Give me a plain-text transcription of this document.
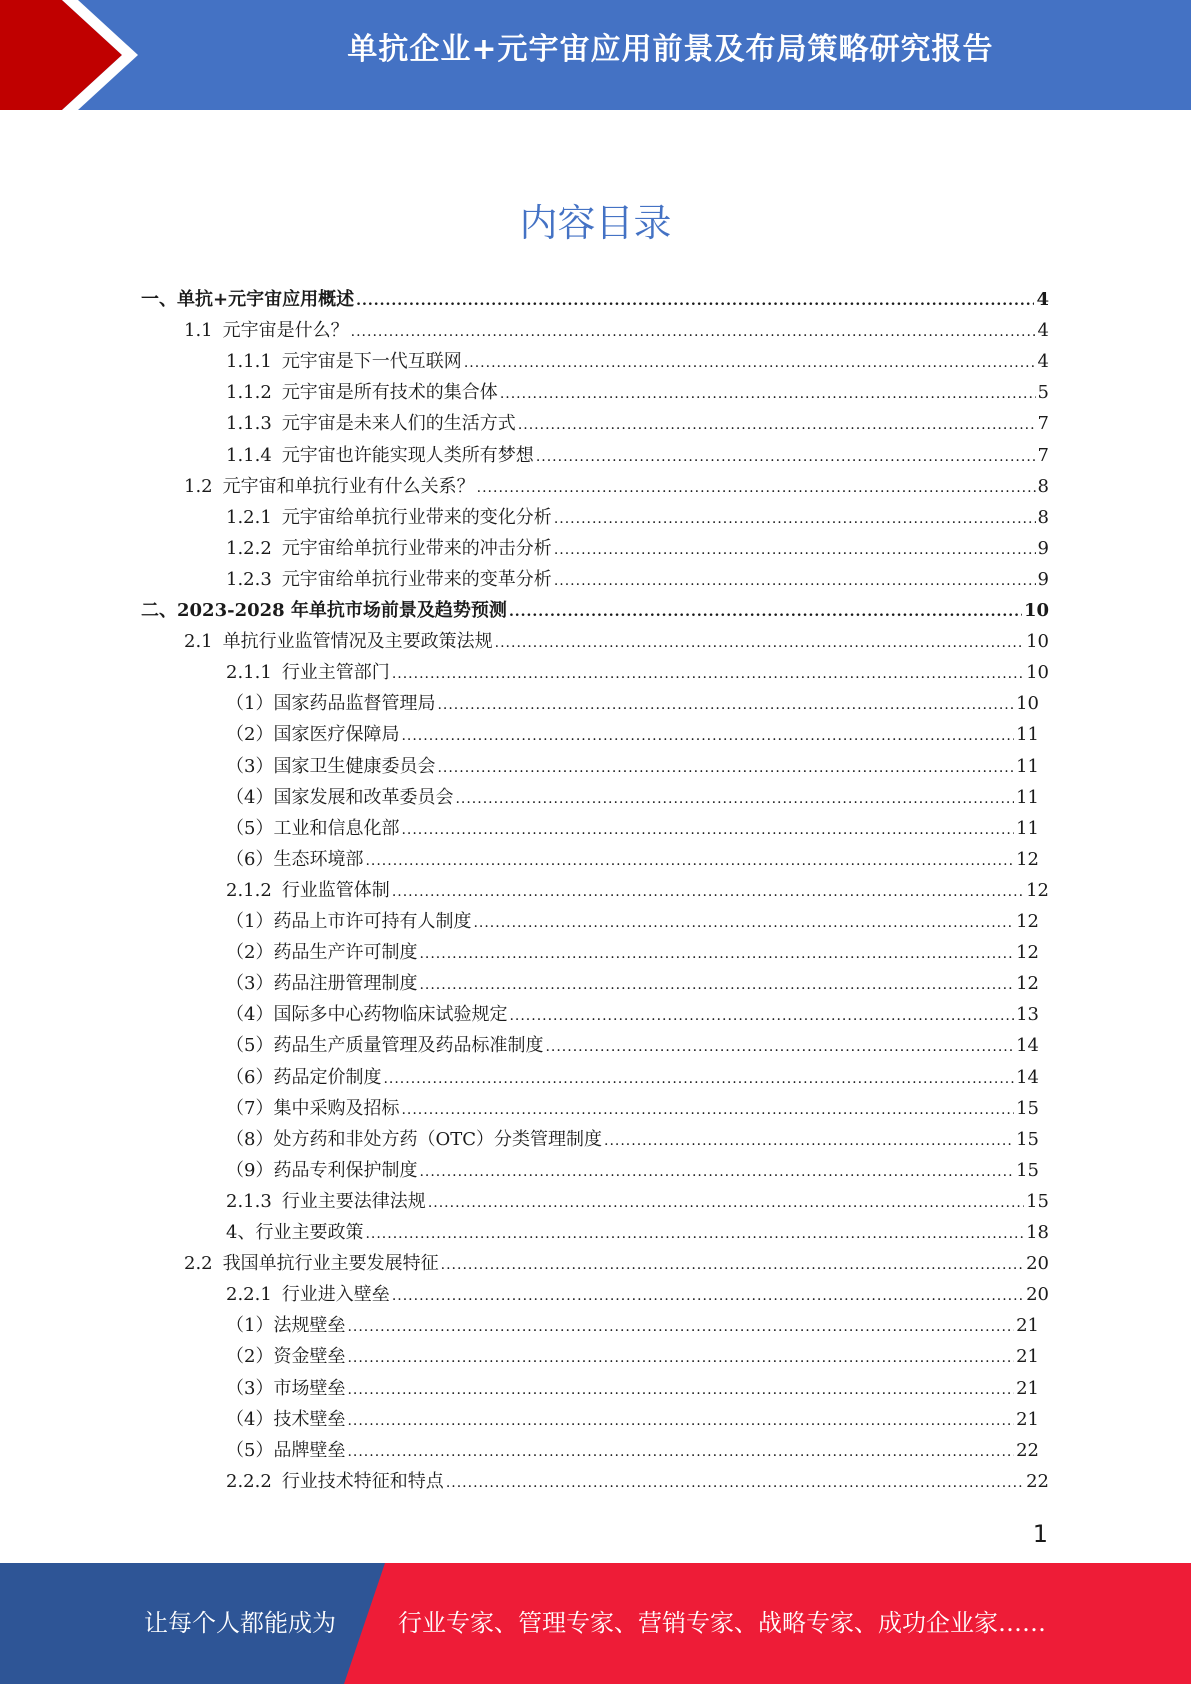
单抗企业+元宇宙应用前景及布局策略研究报告
内容目录
一、 单抗+元宇宙应用概述 .....	4
1.1 元宇宙是什么？ .....	4
1.1.1 元宇宙是下一代互联网 .....	4
1.1.2 元宇宙是所有技术的集合体 .....	5
1.1.3 元宇宙是未来人们的生活方式 .....	7
1.1.4 元宇宙也许能实现人类所有梦想 .....	7
1.2 元宇宙和单抗行业有什么关系？ .....	8
1.2.1 元宇宙给单抗行业带来的变化分析 .....	8
1.2.2 元宇宙给单抗行业带来的冲击分析 .....	9
1.2.3 元宇宙给单抗行业带来的变革分析 .....	9
二、 2023-2028 年单抗市场前景及趋势预测 .....	10
2.1 单抗行业监管情况及主要政策法规 .....	10
2.1.1 行业主管部门 .....	10
（1）国家药品监督管理局 .....	10
（2）国家医疗保障局 .....	11
（3）国家卫生健康委员会 .....	11
（4）国家发展和改革委员会 .....	11
（5）工业和信息化部 .....	11
（6）生态环境部 .....	12
2.1.2 行业监管体制 .....	12
（1）药品上市许可持有人制度 .....	12
（2）药品生产许可制度 .....	12
（3）药品注册管理制度 .....	12
（4）国际多中心药物临床试验规定 .....	13
（5）药品生产质量管理及药品标准制度 .....	14
（6）药品定价制度 .....	14
（7）集中采购及招标 .....	15
（8）处方药和非处方药（OTC）分类管理制度 .....	15
（9）药品专利保护制度 .....	15
2.1.3 行业主要法律法规 .....	15
4、行业主要政策 .....	18
2.2 我国单抗行业主要发展特征 .....	20
2.2.1 行业进入壁垒 .....	20
（1）法规壁垒 .....	21
（2）资金壁垒 .....	21
（3）市场壁垒 .....	21
（4）技术壁垒 .....	21
（5）品牌壁垒 .....	22
2.2.2 行业技术特征和特点 .....	22
1
让每个人都能成为	行业专家、管理专家、营销专家、战略专家、成功企业家……
